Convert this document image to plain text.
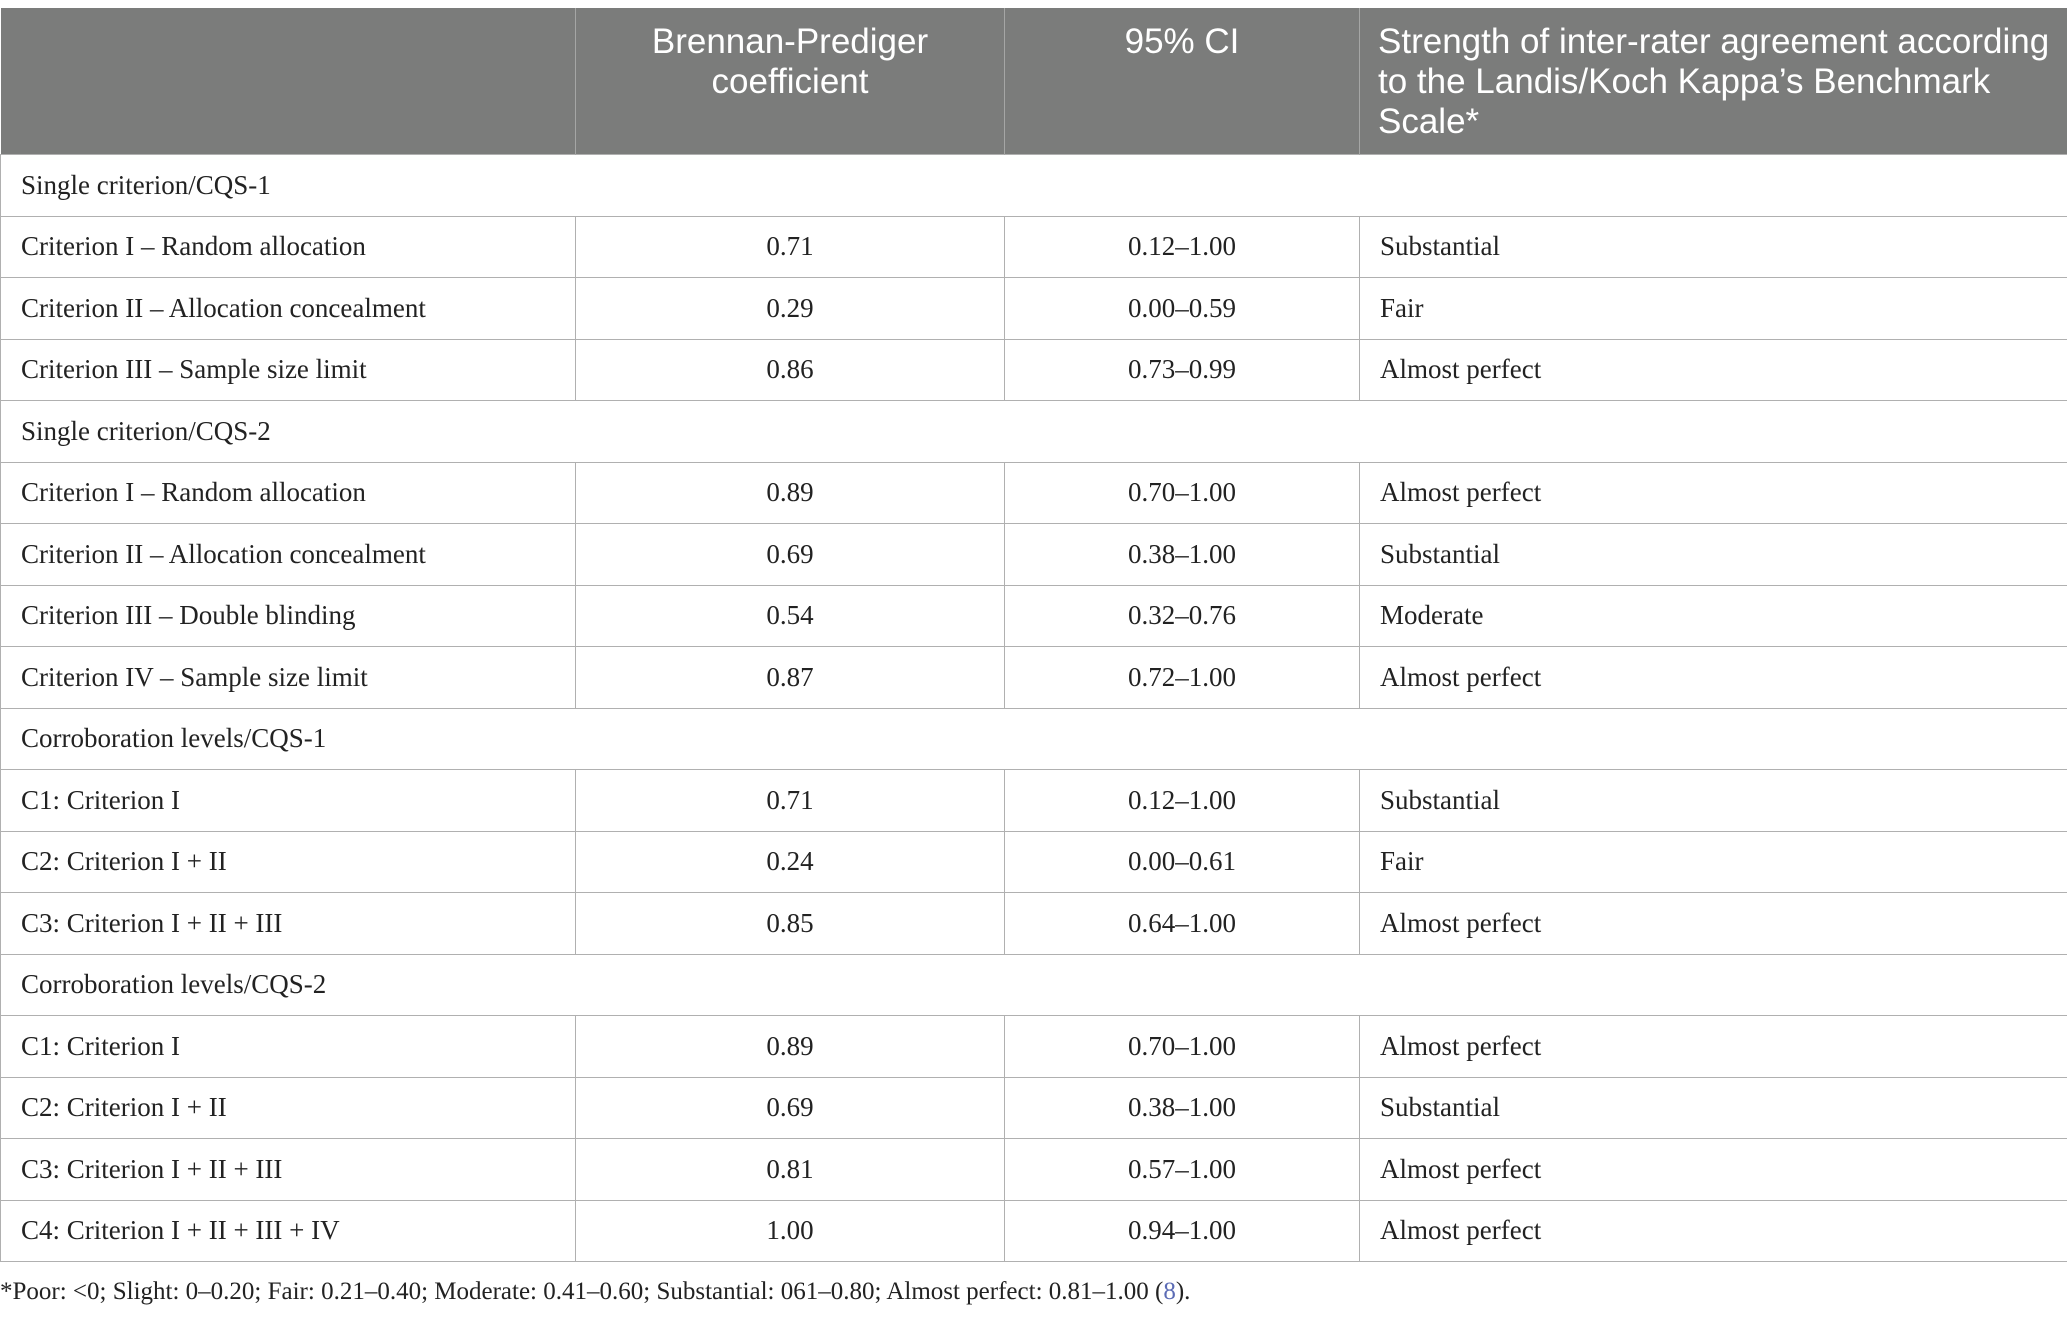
	Brennan-Prediger coefficient	95% CI	Strength of inter-rater agreement according to the Landis/Koch Kappa’s Benchmark Scale*
Single criterion/CQS-1			
Criterion I – Random allocation	0.71	0.12–1.00	Substantial
Criterion II – Allocation concealment	0.29	0.00–0.59	Fair
Criterion III – Sample size limit	0.86	0.73–0.99	Almost perfect
Single criterion/CQS-2			
Criterion I – Random allocation	0.89	0.70–1.00	Almost perfect
Criterion II – Allocation concealment	0.69	0.38–1.00	Substantial
Criterion III – Double blinding	0.54	0.32–0.76	Moderate
Criterion IV – Sample size limit	0.87	0.72–1.00	Almost perfect
Corroboration levels/CQS-1			
C1: Criterion I	0.71	0.12–1.00	Substantial
C2: Criterion I + II	0.24	0.00–0.61	Fair
C3: Criterion I + II + III	0.85	0.64–1.00	Almost perfect
Corroboration levels/CQS-2			
C1: Criterion I	0.89	0.70–1.00	Almost perfect
C2: Criterion I + II	0.69	0.38–1.00	Substantial
C3: Criterion I + II + III	0.81	0.57–1.00	Almost perfect
C4: Criterion I + II + III + IV	1.00	0.94–1.00	Almost perfect
*Poor: <0; Slight: 0–0.20; Fair: 0.21–0.40; Moderate: 0.41–0.60; Substantial: 061–0.80; Almost perfect: 0.81–1.00 (8).
